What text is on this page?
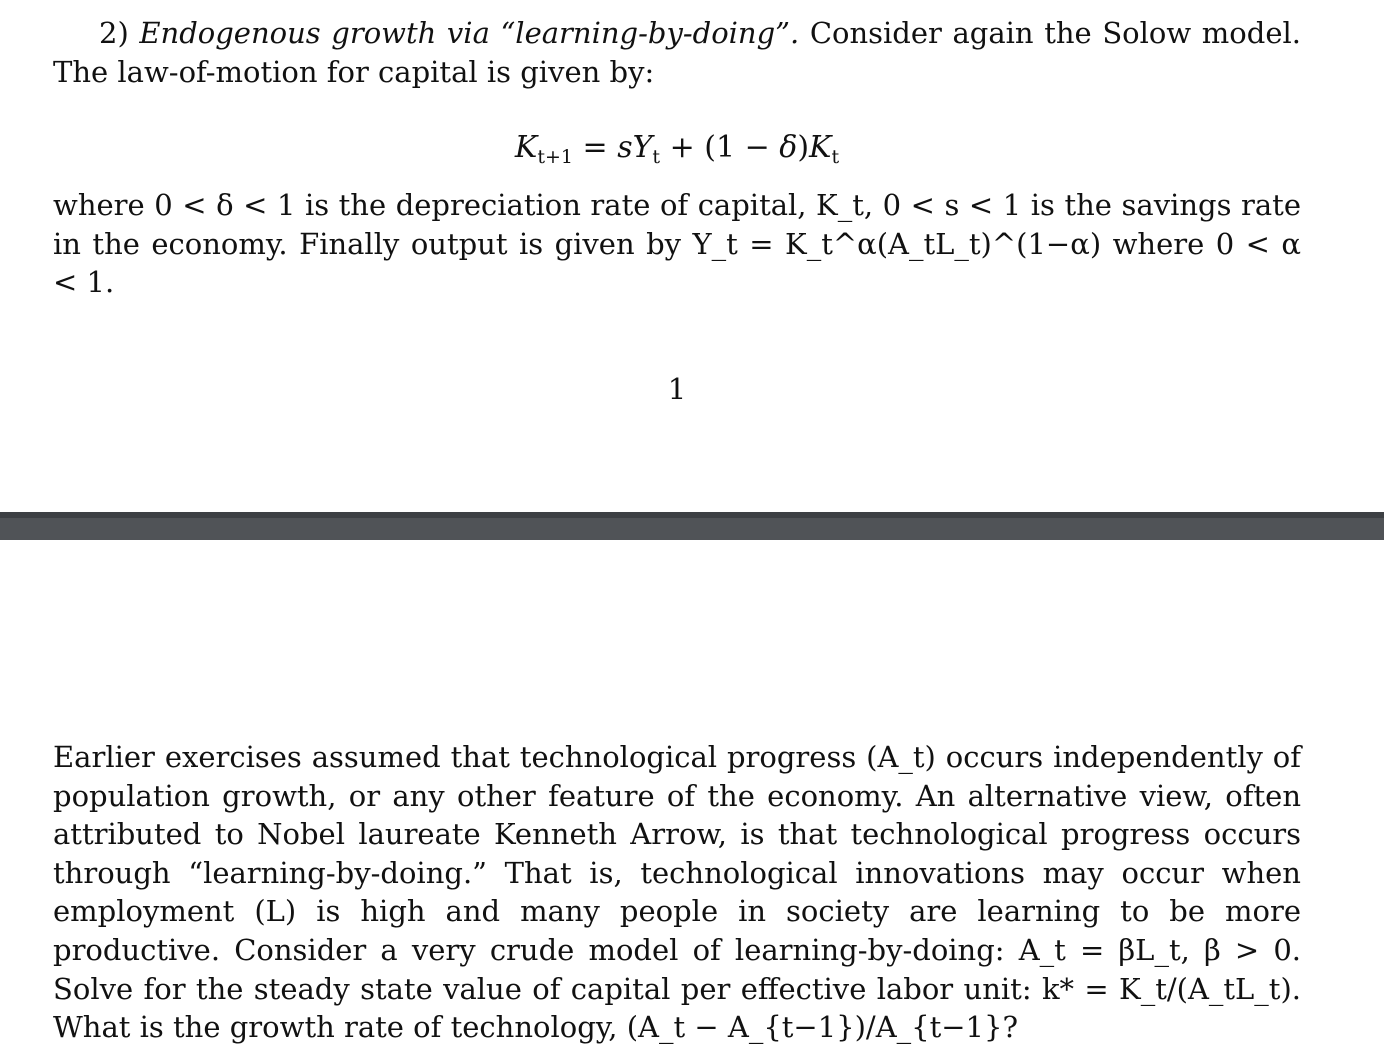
2) Endogenous growth via “learning-by-doing”. Consider again the Solow model. The law-of-motion for capital is given by:

$K_{t+1} = sY_t + (1 - \delta)K_t$

where 0 < δ < 1 is the depreciation rate of capital, K_t, 0 < s < 1 is the savings rate in the economy. Finally output is given by Y_t = K_t^α(A_tL_t)^(1−α) where 0 < α < 1.

1

Earlier exercises assumed that technological progress (A_t) occurs independently of population growth, or any other feature of the economy. An alternative view, often attributed to Nobel laureate Kenneth Arrow, is that technological progress occurs through “learning-by-doing.” That is, technological innovations may occur when employment (L) is high and many people in society are learning to be more productive. Consider a very crude model of learning-by-doing: A_t = βL_t, β > 0. Solve for the steady state value of capital per effective labor unit: k* = K_t/(A_tL_t). What is the growth rate of technology, (A_t − A_{t−1})/A_{t−1}?
